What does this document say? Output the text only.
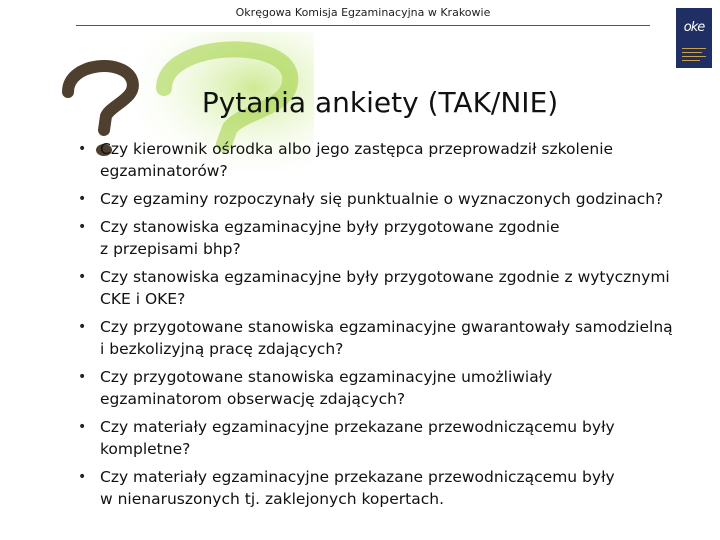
Okręgowa Komisja Egzaminacyjna w Krakowie
oke
Pytania ankiety (TAK/NIE)
• Czy kierownik ośrodka albo jego zastępca przeprowadził szkolenie
egzaminatorów?
• Czy egzaminy rozpoczynały się punktualnie o wyznaczonych godzinach?
• Czy stanowiska egzaminacyjne były przygotowane zgodnie
z przepisami bhp?
• Czy stanowiska egzaminacyjne były przygotowane zgodnie z wytycznymi
CKE i OKE?
• Czy przygotowane stanowiska egzaminacyjne gwarantowały samodzielną
i bezkolizyjną pracę zdających?
• Czy przygotowane stanowiska egzaminacyjne umożliwiały
egzaminatorom obserwację zdających?
• Czy materiały egzaminacyjne przekazane przewodniczącemu były
kompletne?
• Czy materiały egzaminacyjne przekazane przewodniczącemu były
w nienaruszonych tj. zaklejonych kopertach.
